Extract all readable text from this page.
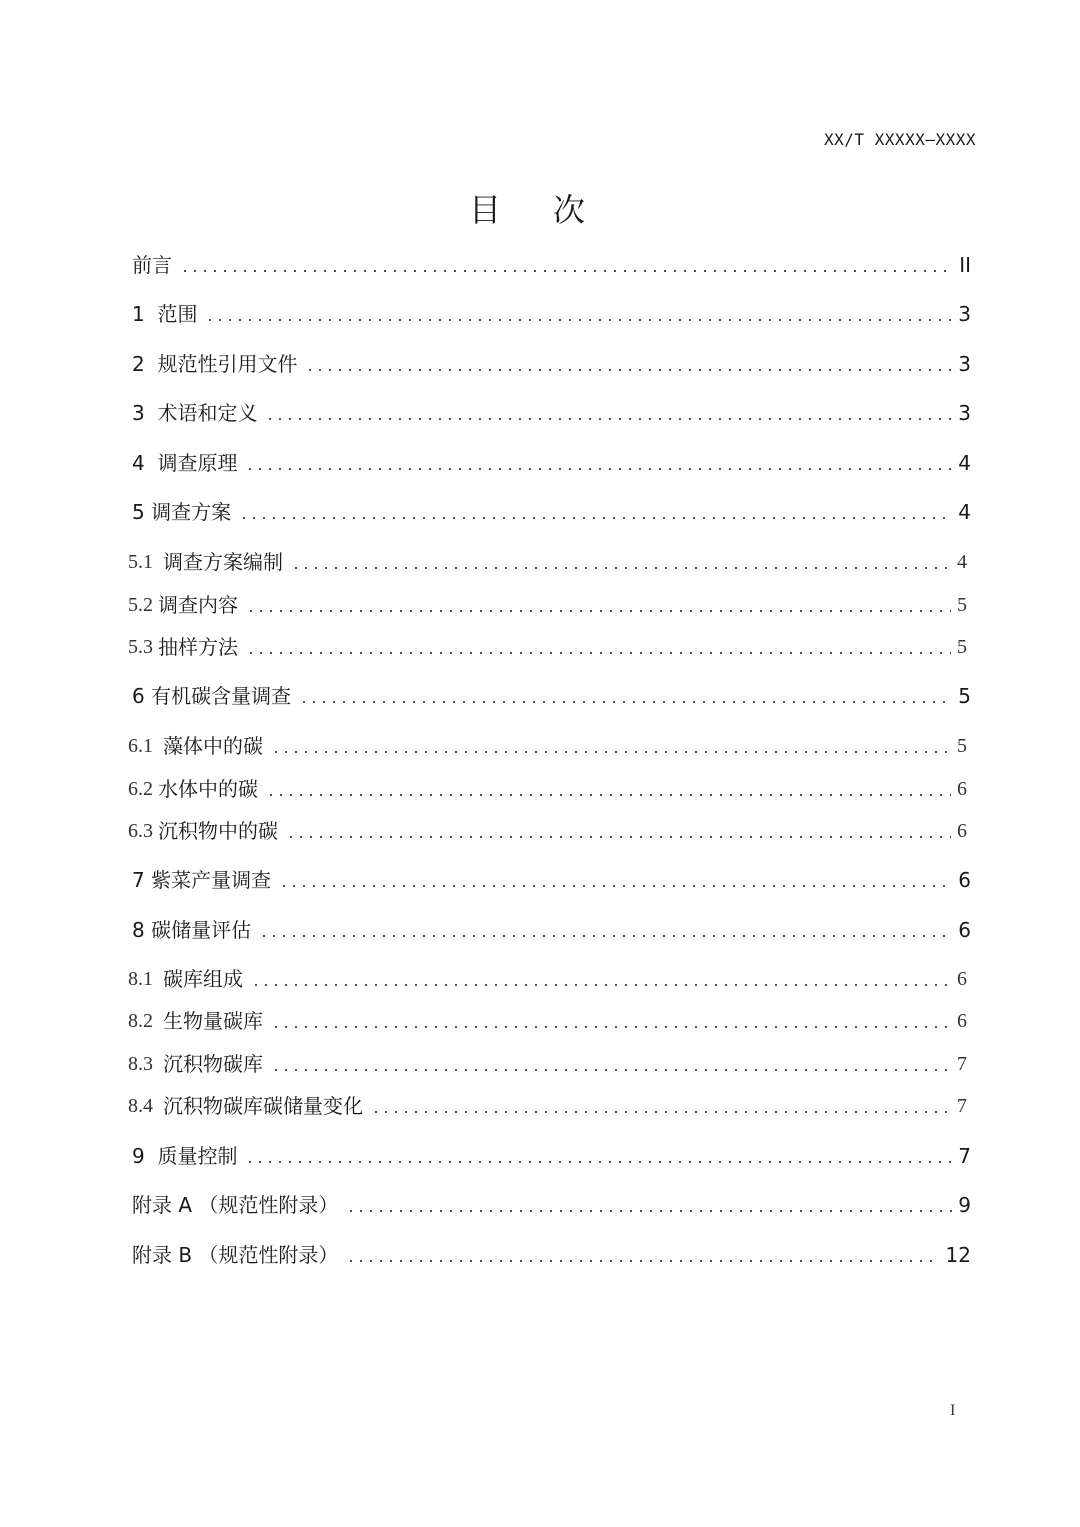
XX/T XXXXX—XXXX
目次
前言	II
1 范围	3
2 规范性引用文件	3
3 术语和定义	3
4 调查原理	4
5 调查方案	4
5.1 调查方案编制	4
5.2 调查内容	5
5.3 抽样方法	5
6 有机碳含量调查	5
6.1 藻体中的碳	5
6.2 水体中的碳	6
6.3 沉积物中的碳	6
7 紫菜产量调查	6
8 碳储量评估	6
8.1 碳库组成	6
8.2 生物量碳库	6
8.3 沉积物碳库	7
8.4 沉积物碳库碳储量变化	7
9 质量控制	7
附录 A （规范性附录）	9
附录 B （规范性附录）	12
I
